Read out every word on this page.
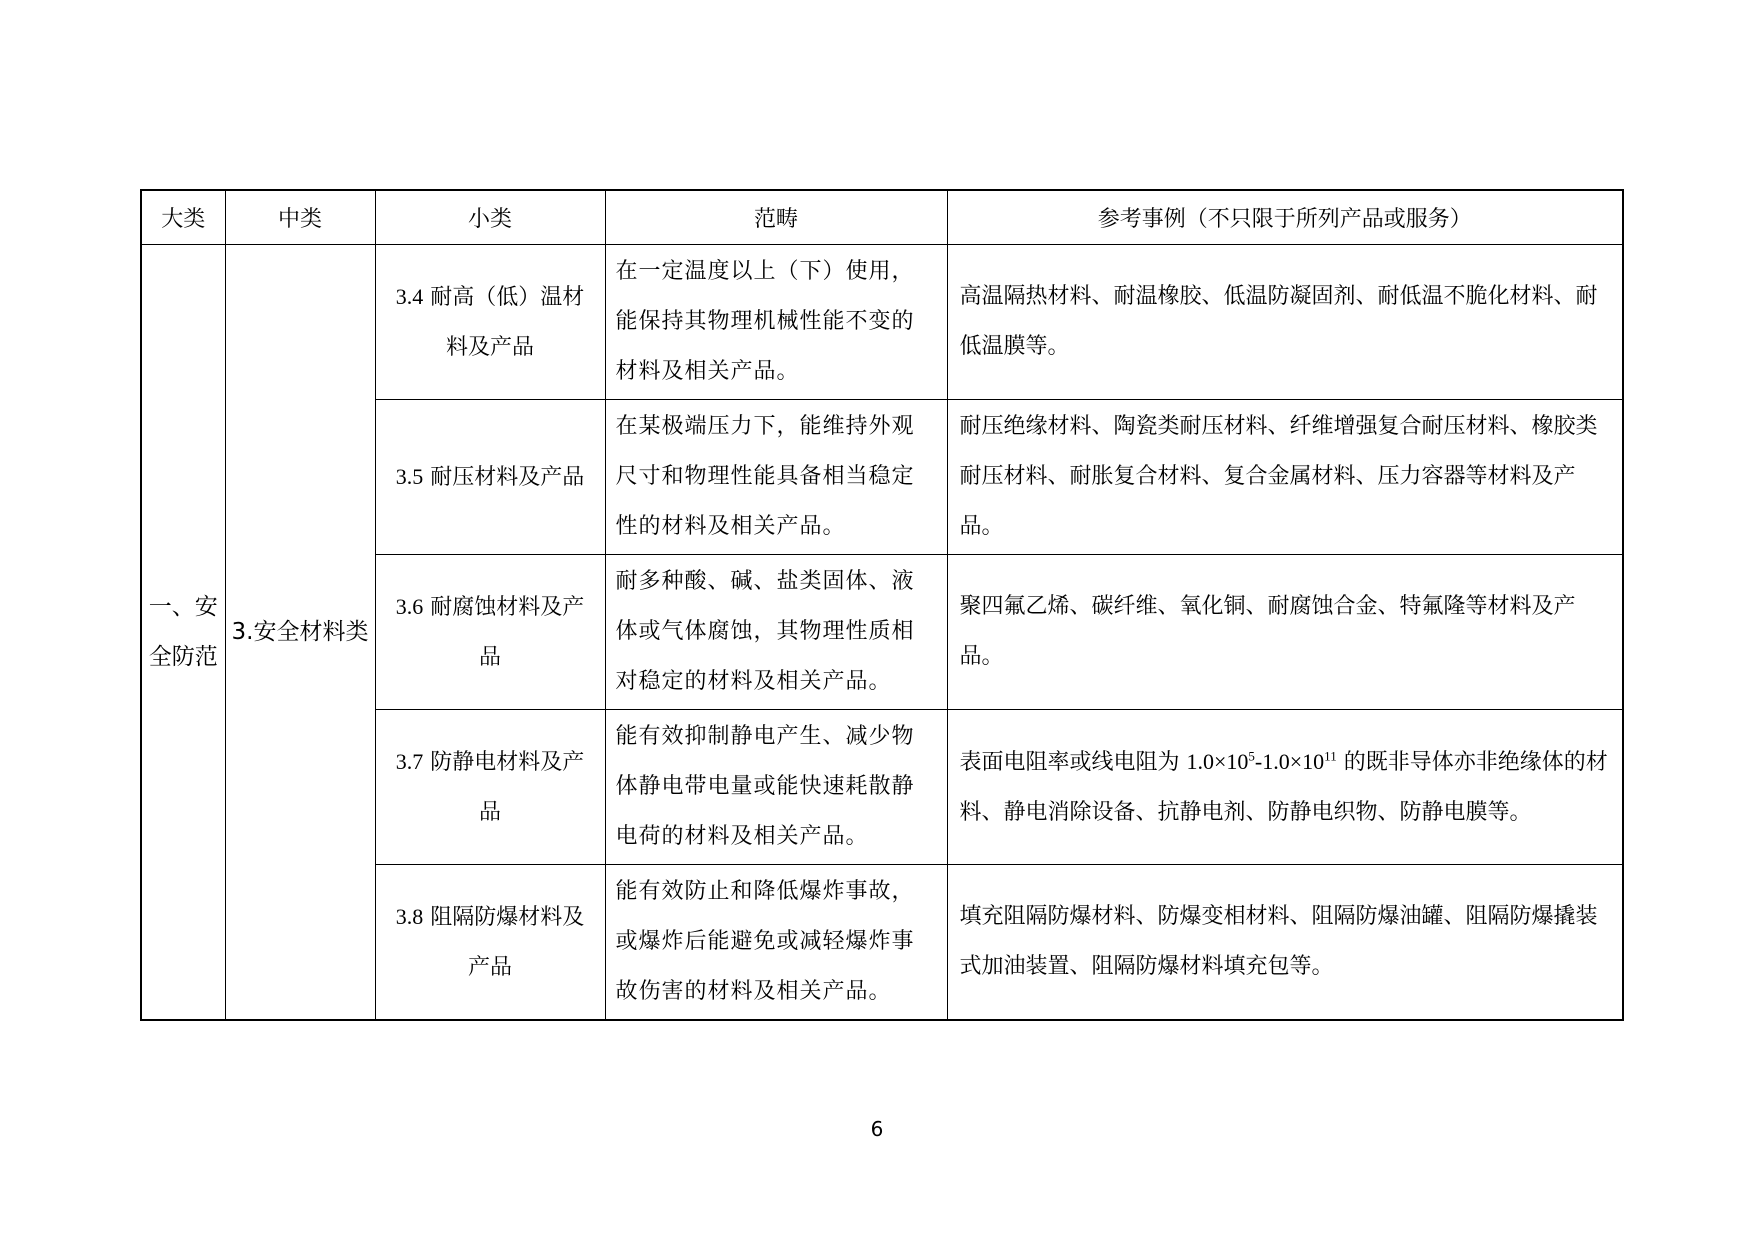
大类	中类	小类	范畴	参考事例（不只限于所列产品或服务）
一、安全防范	3.安全材料类	3.4 耐高（低）温材料及产品	在一定温度以上（下）使用，能保持其物理机械性能不变的材料及相关产品。	高温隔热材料、耐温橡胶、低温防凝固剂、耐低温不脆化材料、耐低温膜等。
		3.5 耐压材料及产品	在某极端压力下，能维持外观尺寸和物理性能具备相当稳定性的材料及相关产品。	耐压绝缘材料、陶瓷类耐压材料、纤维增强复合耐压材料、橡胶类耐压材料、耐胀复合材料、复合金属材料、压力容器等材料及产品。
		3.6 耐腐蚀材料及产品	耐多种酸、碱、盐类固体、液体或气体腐蚀，其物理性质相对稳定的材料及相关产品。	聚四氟乙烯、碳纤维、氧化铜、耐腐蚀合金、特氟隆等材料及产品。
		3.7 防静电材料及产品	能有效抑制静电产生、减少物体静电带电量或能快速耗散静电荷的材料及相关产品。	表面电阻率或线电阻为 $1.0\times 10^5-1.0\times 10^{11}$ 的既非导体亦非绝缘体的材料、静电消除设备、抗静电剂、防静电织物、防静电膜等。
		3.8 阻隔防爆材料及产品	能有效防止和降低爆炸事故，或爆炸后能避免或减轻爆炸事故伤害的材料及相关产品。	填充阻隔防爆材料、防爆变相材料、阻隔防爆油罐、阻隔防爆撬装式加油装置、阻隔防爆材料填充包等。
6
